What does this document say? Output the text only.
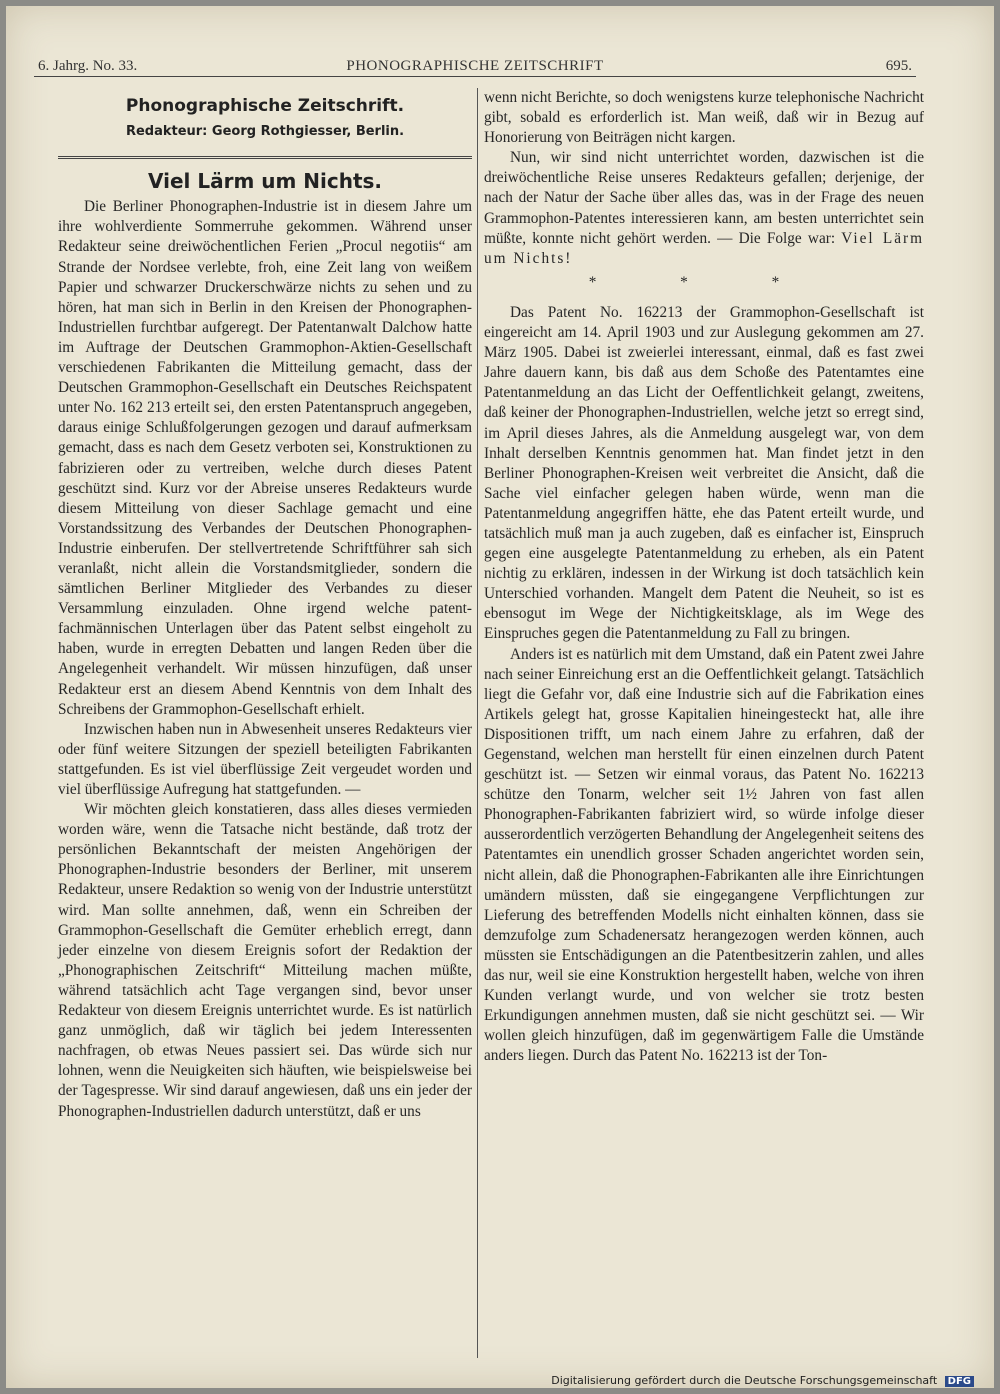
6. Jahrg. No. 33.	PHONOGRAPHISCHE ZEITSCHRIFT	695.
Phonographische Zeitschrift.
Redakteur: Georg Rothgiesser, Berlin.
Viel Lärm um Nichts.

Die Berliner Phonographen-Industrie ist in diesem Jahre um ihre wohlverdiente Sommerruhe gekommen. Während unser Redakteur seine dreiwöchentlichen Ferien „Procul negotiis“ am Strande der Nordsee verlebte, froh, eine Zeit lang von weißem Papier und schwarzer Druckerschwärze nichts zu sehen und zu hören, hat man sich in Berlin in den Kreisen der Phonographen-Industriellen furchtbar aufgeregt. Der Patentanwalt Dalchow hatte im Auftrage der Deutschen Grammophon-Aktien-Gesellschaft verschiedenen Fabrikanten die Mitteilung gemacht, dass der Deutschen Grammophon-Gesellschaft ein Deutsches Reichspatent unter No. 162 213 erteilt sei, den ersten Patentanspruch angegeben, daraus einige Schlußfolgerungen gezogen und darauf aufmerksam gemacht, dass es nach dem Gesetz verboten sei, Konstruktionen zu fabrizieren oder zu vertreiben, welche durch dieses Patent geschützt sind. Kurz vor der Abreise unseres Redakteurs wurde diesem Mitteilung von dieser Sachlage gemacht und eine Vorstandssitzung des Verbandes der Deutschen Phonographen-Industrie einberufen. Der stellvertretende Schriftführer sah sich veranlaßt, nicht allein die Vorstandsmitglieder, sondern die sämtlichen Berliner Mitglieder des Verbandes zu dieser Versammlung einzuladen. Ohne irgend welche patent-fachmännischen Unterlagen über das Patent selbst eingeholt zu haben, wurde in erregten Debatten und langen Reden über die Angelegenheit verhandelt. Wir müssen hinzufügen, daß unser Redakteur erst an diesem Abend Kenntnis von dem Inhalt des Schreibens der Grammophon-Gesellschaft erhielt.

Inzwischen haben nun in Abwesenheit unseres Redakteurs vier oder fünf weitere Sitzungen der speziell beteiligten Fabrikanten stattgefunden. Es ist viel überflüssige Zeit vergeudet worden und viel überflüssige Aufregung hat stattgefunden. —

Wir möchten gleich konstatieren, dass alles dieses vermieden worden wäre, wenn die Tatsache nicht bestände, daß trotz der persönlichen Bekanntschaft der meisten Angehörigen der Phonographen-Industrie besonders der Berliner, mit unserem Redakteur, unsere Redaktion so wenig von der Industrie unterstützt wird. Man sollte annehmen, daß, wenn ein Schreiben der Grammophon-Gesellschaft die Gemüter erheblich erregt, dann jeder einzelne von diesem Ereignis sofort der Redaktion der „Phonographischen Zeitschrift“ Mitteilung machen müßte, während tatsächlich acht Tage vergangen sind, bevor unser Redakteur von diesem Ereignis unterrichtet wurde. Es ist natürlich ganz unmöglich, daß wir täglich bei jedem Interessenten nachfragen, ob etwas Neues passiert sei. Das würde sich nur lohnen, wenn die Neuigkeiten sich häuften, wie beispielsweise bei der Tagespresse. Wir sind darauf angewiesen, daß uns ein jeder der Phonographen-Industriellen dadurch unterstützt, daß er uns

wenn nicht Berichte, so doch wenigstens kurze telephonische Nachricht gibt, sobald es erforderlich ist. Man weiß, daß wir in Bezug auf Honorierung von Beiträgen nicht kargen.

Nun, wir sind nicht unterrichtet worden, dazwischen ist die dreiwöchentliche Reise unseres Redakteurs gefallen; derjenige, der nach der Natur der Sache über alles das, was in der Frage des neuen Grammophon-Patentes interessieren kann, am besten unterrichtet sein müßte, konnte nicht gehört werden. — Die Folge war: Viel Lärm um Nichts!

* * *

Das Patent No. 162213 der Grammophon-Gesellschaft ist eingereicht am 14. April 1903 und zur Auslegung gekommen am 27. März 1905. Dabei ist zweierlei interessant, einmal, daß es fast zwei Jahre dauern kann, bis daß aus dem Schoße des Patentamtes eine Patentanmeldung an das Licht der Oeffentlichkeit gelangt, zweitens, daß keiner der Phonographen-Industriellen, welche jetzt so erregt sind, im April dieses Jahres, als die Anmeldung ausgelegt war, von dem Inhalt derselben Kenntnis genommen hat. Man findet jetzt in den Berliner Phonographen-Kreisen weit verbreitet die Ansicht, daß die Sache viel einfacher gelegen haben würde, wenn man die Patentanmeldung angegriffen hätte, ehe das Patent erteilt wurde, und tatsächlich muß man ja auch zugeben, daß es einfacher ist, Einspruch gegen eine ausgelegte Patentanmeldung zu erheben, als ein Patent nichtig zu erklären, indessen in der Wirkung ist doch tatsächlich kein Unterschied vorhanden. Mangelt dem Patent die Neuheit, so ist es ebensogut im Wege der Nichtigkeitsklage, als im Wege des Einspruches gegen die Patentanmeldung zu Fall zu bringen.

Anders ist es natürlich mit dem Umstand, daß ein Patent zwei Jahre nach seiner Einreichung erst an die Oeffentlichkeit gelangt. Tatsächlich liegt die Gefahr vor, daß eine Industrie sich auf die Fabrikation eines Artikels gelegt hat, grosse Kapitalien hineingesteckt hat, alle ihre Dispositionen trifft, um nach einem Jahre zu erfahren, daß der Gegenstand, welchen man herstellt für einen einzelnen durch Patent geschützt ist. — Setzen wir einmal voraus, das Patent No. 162213 schütze den Tonarm, welcher seit 1½ Jahren von fast allen Phonographen-Fabrikanten fabriziert wird, so würde infolge dieser ausserordentlich verzögerten Behandlung der Angelegenheit seitens des Patentamtes ein unendlich grosser Schaden angerichtet worden sein, nicht allein, daß die Phonographen-Fabrikanten alle ihre Einrichtungen umändern müssten, daß sie eingegangene Verpflichtungen zur Lieferung des betreffenden Modells nicht einhalten können, dass sie demzufolge zum Schadenersatz herangezogen werden können, auch müssten sie Entschädigungen an die Patentbesitzerin zahlen, und alles das nur, weil sie eine Konstruktion hergestellt haben, welche von ihren Kunden verlangt wurde, und von welcher sie trotz besten Erkundigungen annehmen musten, daß sie nicht geschützt sei. — Wir wollen gleich hinzufügen, daß im gegenwärtigem Falle die Umstände anders liegen. Durch das Patent No. 162213 ist der Ton-

Digitalisierung gefördert durch die Deutsche Forschungsgemeinschaft DFG
